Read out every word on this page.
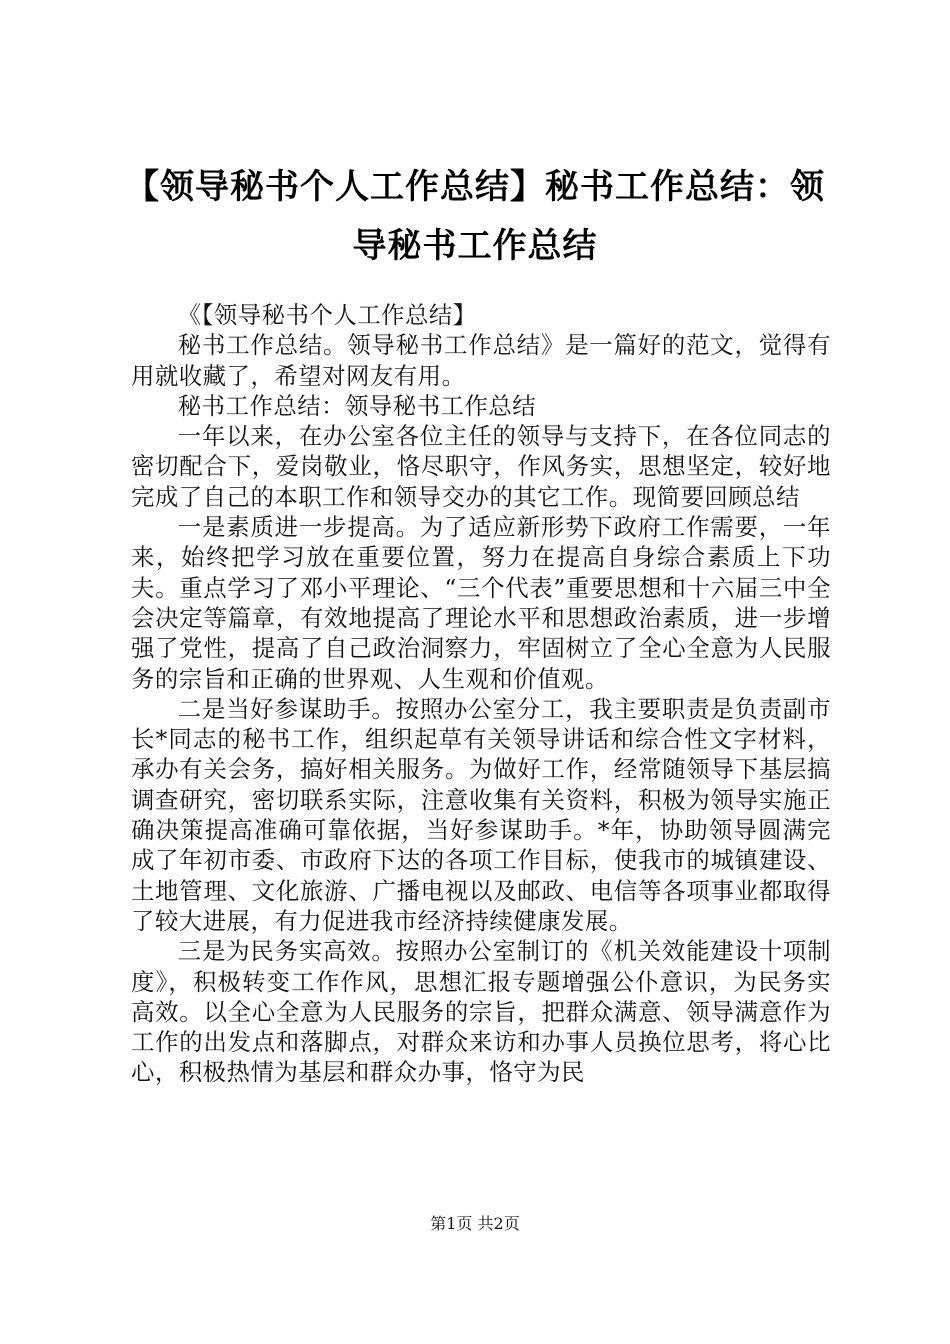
【领导秘书个人工作总结】秘书工作总结：领导秘书工作总结

《【领导秘书个人工作总结】

秘书工作总结。领导秘书工作总结》是一篇好的范文，觉得有用就收藏了，希望对网友有用。

秘书工作总结：领导秘书工作总结

一年以来，在办公室各位主任的领导与支持下，在各位同志的密切配合下，爱岗敬业，恪尽职守，作风务实，思想坚定，较好地完成了自己的本职工作和领导交办的其它工作。现简要回顾总结

一是素质进一步提高。为了适应新形势下政府工作需要，一年来，始终把学习放在重要位置，努力在提高自身综合素质上下功夫。重点学习了邓小平理论、“三个代表”重要思想和十六届三中全会决定等篇章，有效地提高了理论水平和思想政治素质，进一步增强了党性，提高了自己政治洞察力，牢固树立了全心全意为人民服务的宗旨和正确的世界观、人生观和价值观。

二是当好参谋助手。按照办公室分工，我主要职责是负责副市长*同志的秘书工作，组织起草有关领导讲话和综合性文字材料，承办有关会务，搞好相关服务。为做好工作，经常随领导下基层搞调查研究，密切联系实际，注意收集有关资料，积极为领导实施正确决策提高准确可靠依据，当好参谋助手。*年，协助领导圆满完成了年初市委、市政府下达的各项工作目标，使我市的城镇建设、土地管理、文化旅游、广播电视以及邮政、电信等各项事业都取得了较大进展，有力促进我市经济持续健康发展。

三是为民务实高效。按照办公室制订的《机关效能建设十项制度》，积极转变工作作风，思想汇报专题增强公仆意识，为民务实高效。以全心全意为人民服务的宗旨，把群众满意、领导满意作为工作的出发点和落脚点，对群众来访和办事人员换位思考，将心比心，积极热情为基层和群众办事，恪守为民

第1页 共2页
